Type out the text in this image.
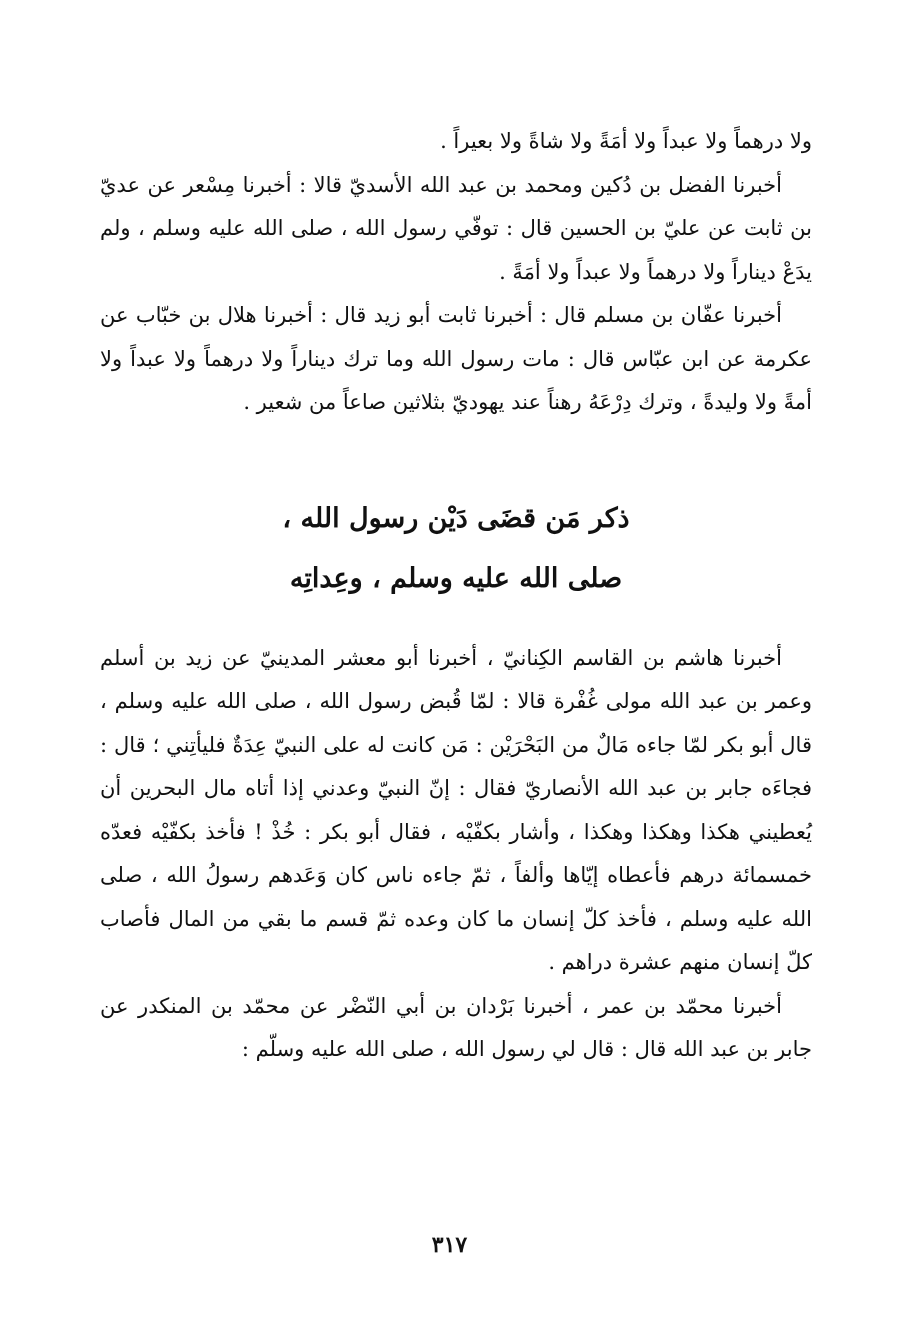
ولا درهماً ولا عبداً ولا أمَةً ولا شاةً ولا بعيراً .

أخبرنا الفضل بن دُكين ومحمد بن عبد الله الأسديّ قالا : أخبرنا مِسْعر عن عديّ بن ثابت عن عليّ بن الحسين قال : توفّي رسول الله ، صلى الله عليه وسلم ، ولم يدَعْ ديناراً ولا درهماً ولا عبداً ولا أمَةً .

أخبرنا عفّان بن مسلم قال : أخبرنا ثابت أبو زيد قال : أخبرنا هلال بن خبّاب عن عكرمة عن ابن عبّاس قال : مات رسول الله وما ترك ديناراً ولا درهماً ولا عبداً ولا أمةً ولا وليدةً ، وترك دِرْعَهُ رهناً عند يهوديّ بثلاثين صاعاً من شعير .

ذكر مَن قضَى دَيْن رسول الله ،
صلى الله عليه وسلم ، وعِداتِه

أخبرنا هاشم بن القاسم الكِنانيّ ، أخبرنا أبو معشر المدينيّ عن زيد بن أسلم وعمر بن عبد الله مولى غُفْرة قالا : لمّا قُبض رسول الله ، صلى الله عليه وسلم ، قال أبو بكر لمّا جاءه مَالٌ من البَحْرَيْن : مَن كانت له على النبيّ عِدَةٌ فليأتِني ؛ قال : فجاءَه جابر بن عبد الله الأنصاريّ فقال : إنّ النبيّ وعدني إذا أتاه مال البحرين أن يُعطيني هكذا وهكذا وهكذا ، وأشار بكفّيْه ، فقال أبو بكر : خُذْ ! فأخذ بكفّيْه فعدّه خمسمائة درهم فأعطاه إيّاها وألفاً ، ثمّ جاءه ناس كان وَعَدهم رسولُ الله ، صلى الله عليه وسلم ، فأخذ كلّ إنسان ما كان وعده ثمّ قسم ما بقي من المال فأصاب كلّ إنسان منهم عشرة دراهم .

أخبرنا محمّد بن عمر ، أخبرنا بَرْدان بن أبي النّضْر عن محمّد بن المنكدر عن جابر بن عبد الله قال : قال لي رسول الله ، صلى الله عليه وسلّم :

٣١٧
